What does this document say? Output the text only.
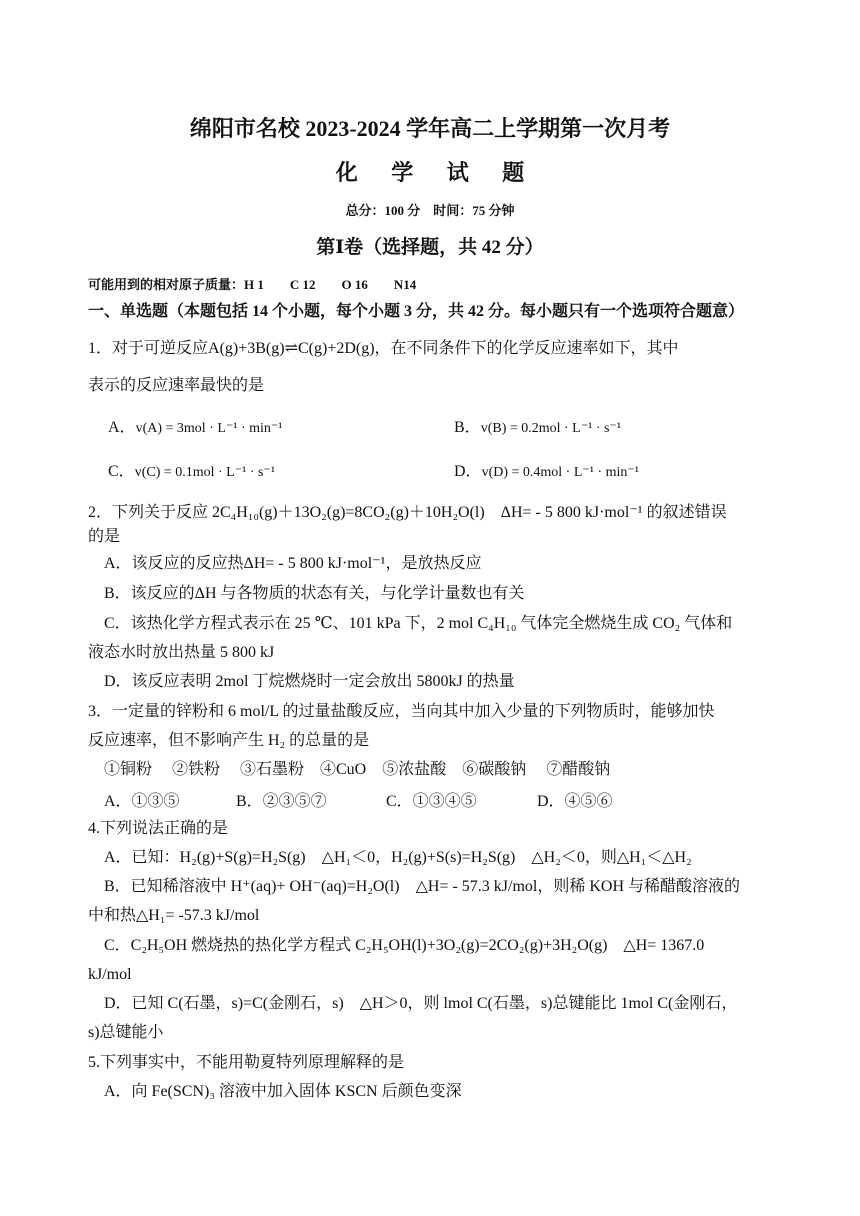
绵阳市名校 2023-2024 学年高二上学期第一次月考
化 学 试 题
总分：100 分　时间：75 分钟
第Ⅰ卷（选择题，共 42 分）
可能用到的相对原子质量：H 1　　C 12　　O 16　　N14
一、单选题（本题包括 14 个小题，每个小题 3 分，共 42 分。每小题只有一个选项符合题意）
1．对于可逆反应A(g)+3B(g)⇌C(g)+2D(g)，在不同条件下的化学反应速率如下，其中
表示的反应速率最快的是
A．v(A) = 3mol · L⁻¹ · min⁻¹	B．v(B) = 0.2mol · L⁻¹ · s⁻¹
C．v(C) = 0.1mol · L⁻¹ · s⁻¹	D．v(D) = 0.4mol · L⁻¹ · min⁻¹
2．下列关于反应 2C₄H₁₀(g)＋13O₂(g)=8CO₂(g)＋10H₂O(l)　ΔH= - 5 800 kJ·mol⁻¹ 的叙述错误
的是
A．该反应的反应热ΔH= - 5 800 kJ·mol⁻¹，是放热反应
B．该反应的ΔH 与各物质的状态有关，与化学计量数也有关
C．该热化学方程式表示在 25 ℃、101 kPa 下，2 mol C₄H₁₀ 气体完全燃烧生成 CO₂ 气体和
液态水时放出热量 5 800 kJ
D．该反应表明 2mol 丁烷燃烧时一定会放出 5800kJ 的热量
3．一定量的锌粉和 6 mol/L 的过量盐酸反应，当向其中加入少量的下列物质时，能够加快
反应速率，但不影响产生 H₂ 的总量的是
①铜粉　 ②铁粉　 ③石墨粉　④CuO　⑤浓盐酸　⑥碳酸钠　 ⑦醋酸钠
A．①③⑤	B．②③⑤⑦	C．①③④⑤	D．④⑤⑥
4.下列说法正确的是
A．已知：H₂(g)+S(g)=H₂S(g)　△H₁＜0，H₂(g)+S(s)=H₂S(g)　△H₂＜0，则△H₁＜△H₂
B．已知稀溶液中 H⁺(aq)+ OH⁻(aq)=H₂O(l)　△H= - 57.3 kJ/mol，则稀 KOH 与稀醋酸溶液的
中和热△H₁= -57.3 kJ/mol
C．C₂H₅OH 燃烧热的热化学方程式 C₂H₅OH(l)+3O₂(g)=2CO₂(g)+3H₂O(g)　△H= 1367.0
kJ/mol
D．已知 C(石墨，s)=C(金刚石，s)　△H＞0，则 lmol C(石墨，s)总键能比 1mol C(金刚石，
s)总键能小
5.下列事实中，不能用勒夏特列原理解释的是
A．向 Fe(SCN)₃ 溶液中加入固体 KSCN 后颜色变深
